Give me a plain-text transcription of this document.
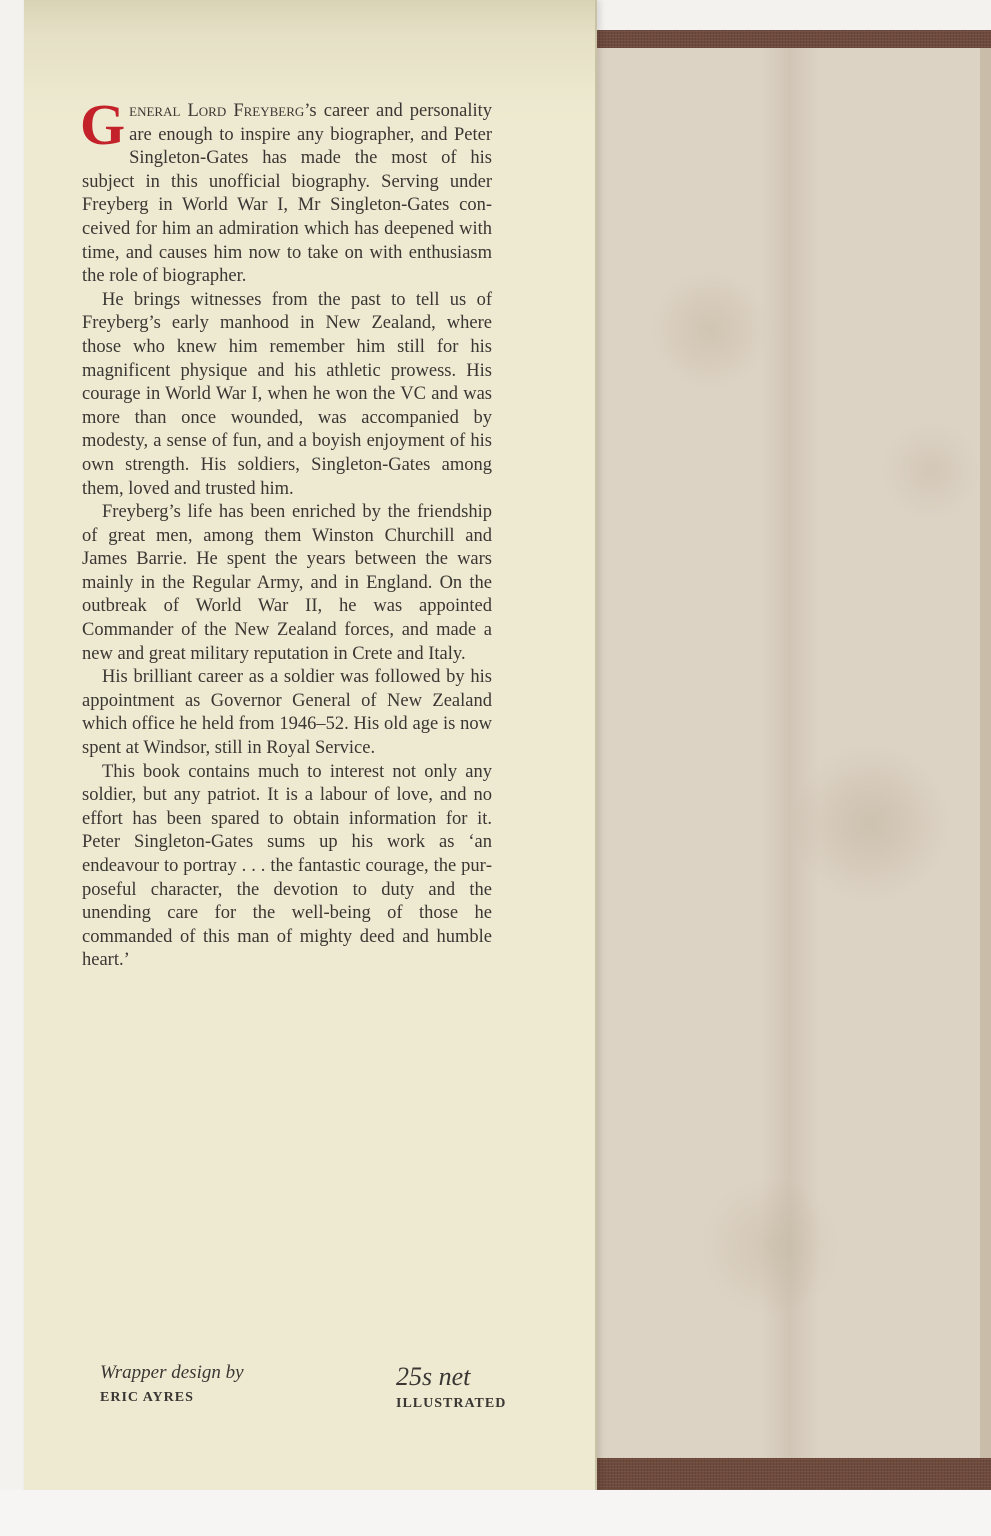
General Lord Freyberg’s career and personality are enough to inspire any biographer, and Peter Singleton-Gates has made the most of his subject in this unofficial biography. Serving under Freyberg in World War I, Mr Singleton-Gates conceived for him an admiration which has deepened with time, and causes him now to take on with enthusiasm the role of biographer.

He brings witnesses from the past to tell us of Freyberg’s early manhood in New Zealand, where those who knew him remember him still for his magnificent physique and his athletic prowess. His courage in World War I, when he won the VC and was more than once wounded, was accompanied by modesty, a sense of fun, and a boyish enjoyment of his own strength. His soldiers, Singleton-Gates among them, loved and trusted him.

Freyberg’s life has been enriched by the friendship of great men, among them Winston Churchill and James Barrie. He spent the years between the wars mainly in the Regular Army, and in England. On the outbreak of World War II, he was appointed Commander of the New Zealand forces, and made a new and great military reputation in Crete and Italy.

His brilliant career as a soldier was followed by his appointment as Governor General of New Zealand which office he held from 1946–52. His old age is now spent at Windsor, still in Royal Service.

This book contains much to interest not only any soldier, but any patriot. It is a labour of love, and no effort has been spared to obtain information for it. Peter Singleton-Gates sums up his work as ‘an endeavour to portray . . . the fantastic courage, the purposeful character, the devotion to duty and the unending care for the well-being of those he commanded of this man of mighty deed and humble heart.’

Wrapper design by
ERIC AYRES
25s net
ILLUSTRATED
